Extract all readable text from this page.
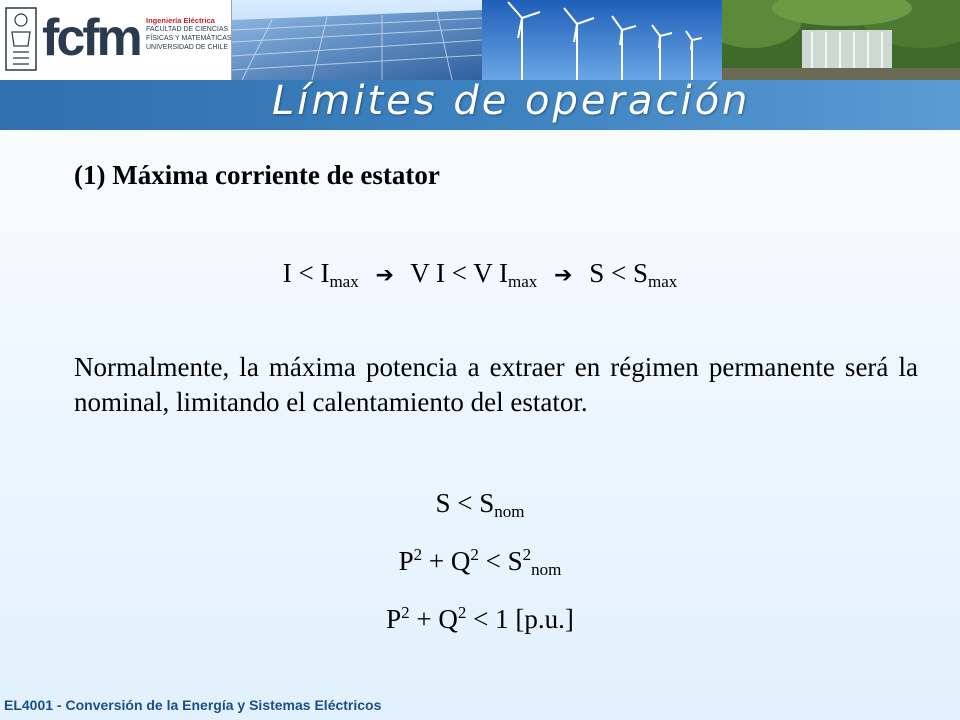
fcfm Ingeniería Eléctrica
FACULTAD DE CIENCIAS
FÍSICAS Y MATEMÁTICAS
UNIVERSIDAD DE CHILE
Límites de operación
(1) Máxima corriente de estator
$I < I_{max}$ ➔ V I < V $I_{max}$ ➔ $S < S_{max}$
Normalmente, la máxima potencia a extraer en régimen permanente será la nominal, limitando el calentamiento del estator.
$S < S_{nom}$
$P^2 + Q^2 < S^2_{nom}$
$P^2 + Q^2 < 1$ [p.u.]
EL4001 - Conversión de la Energía y Sistemas Eléctricos
